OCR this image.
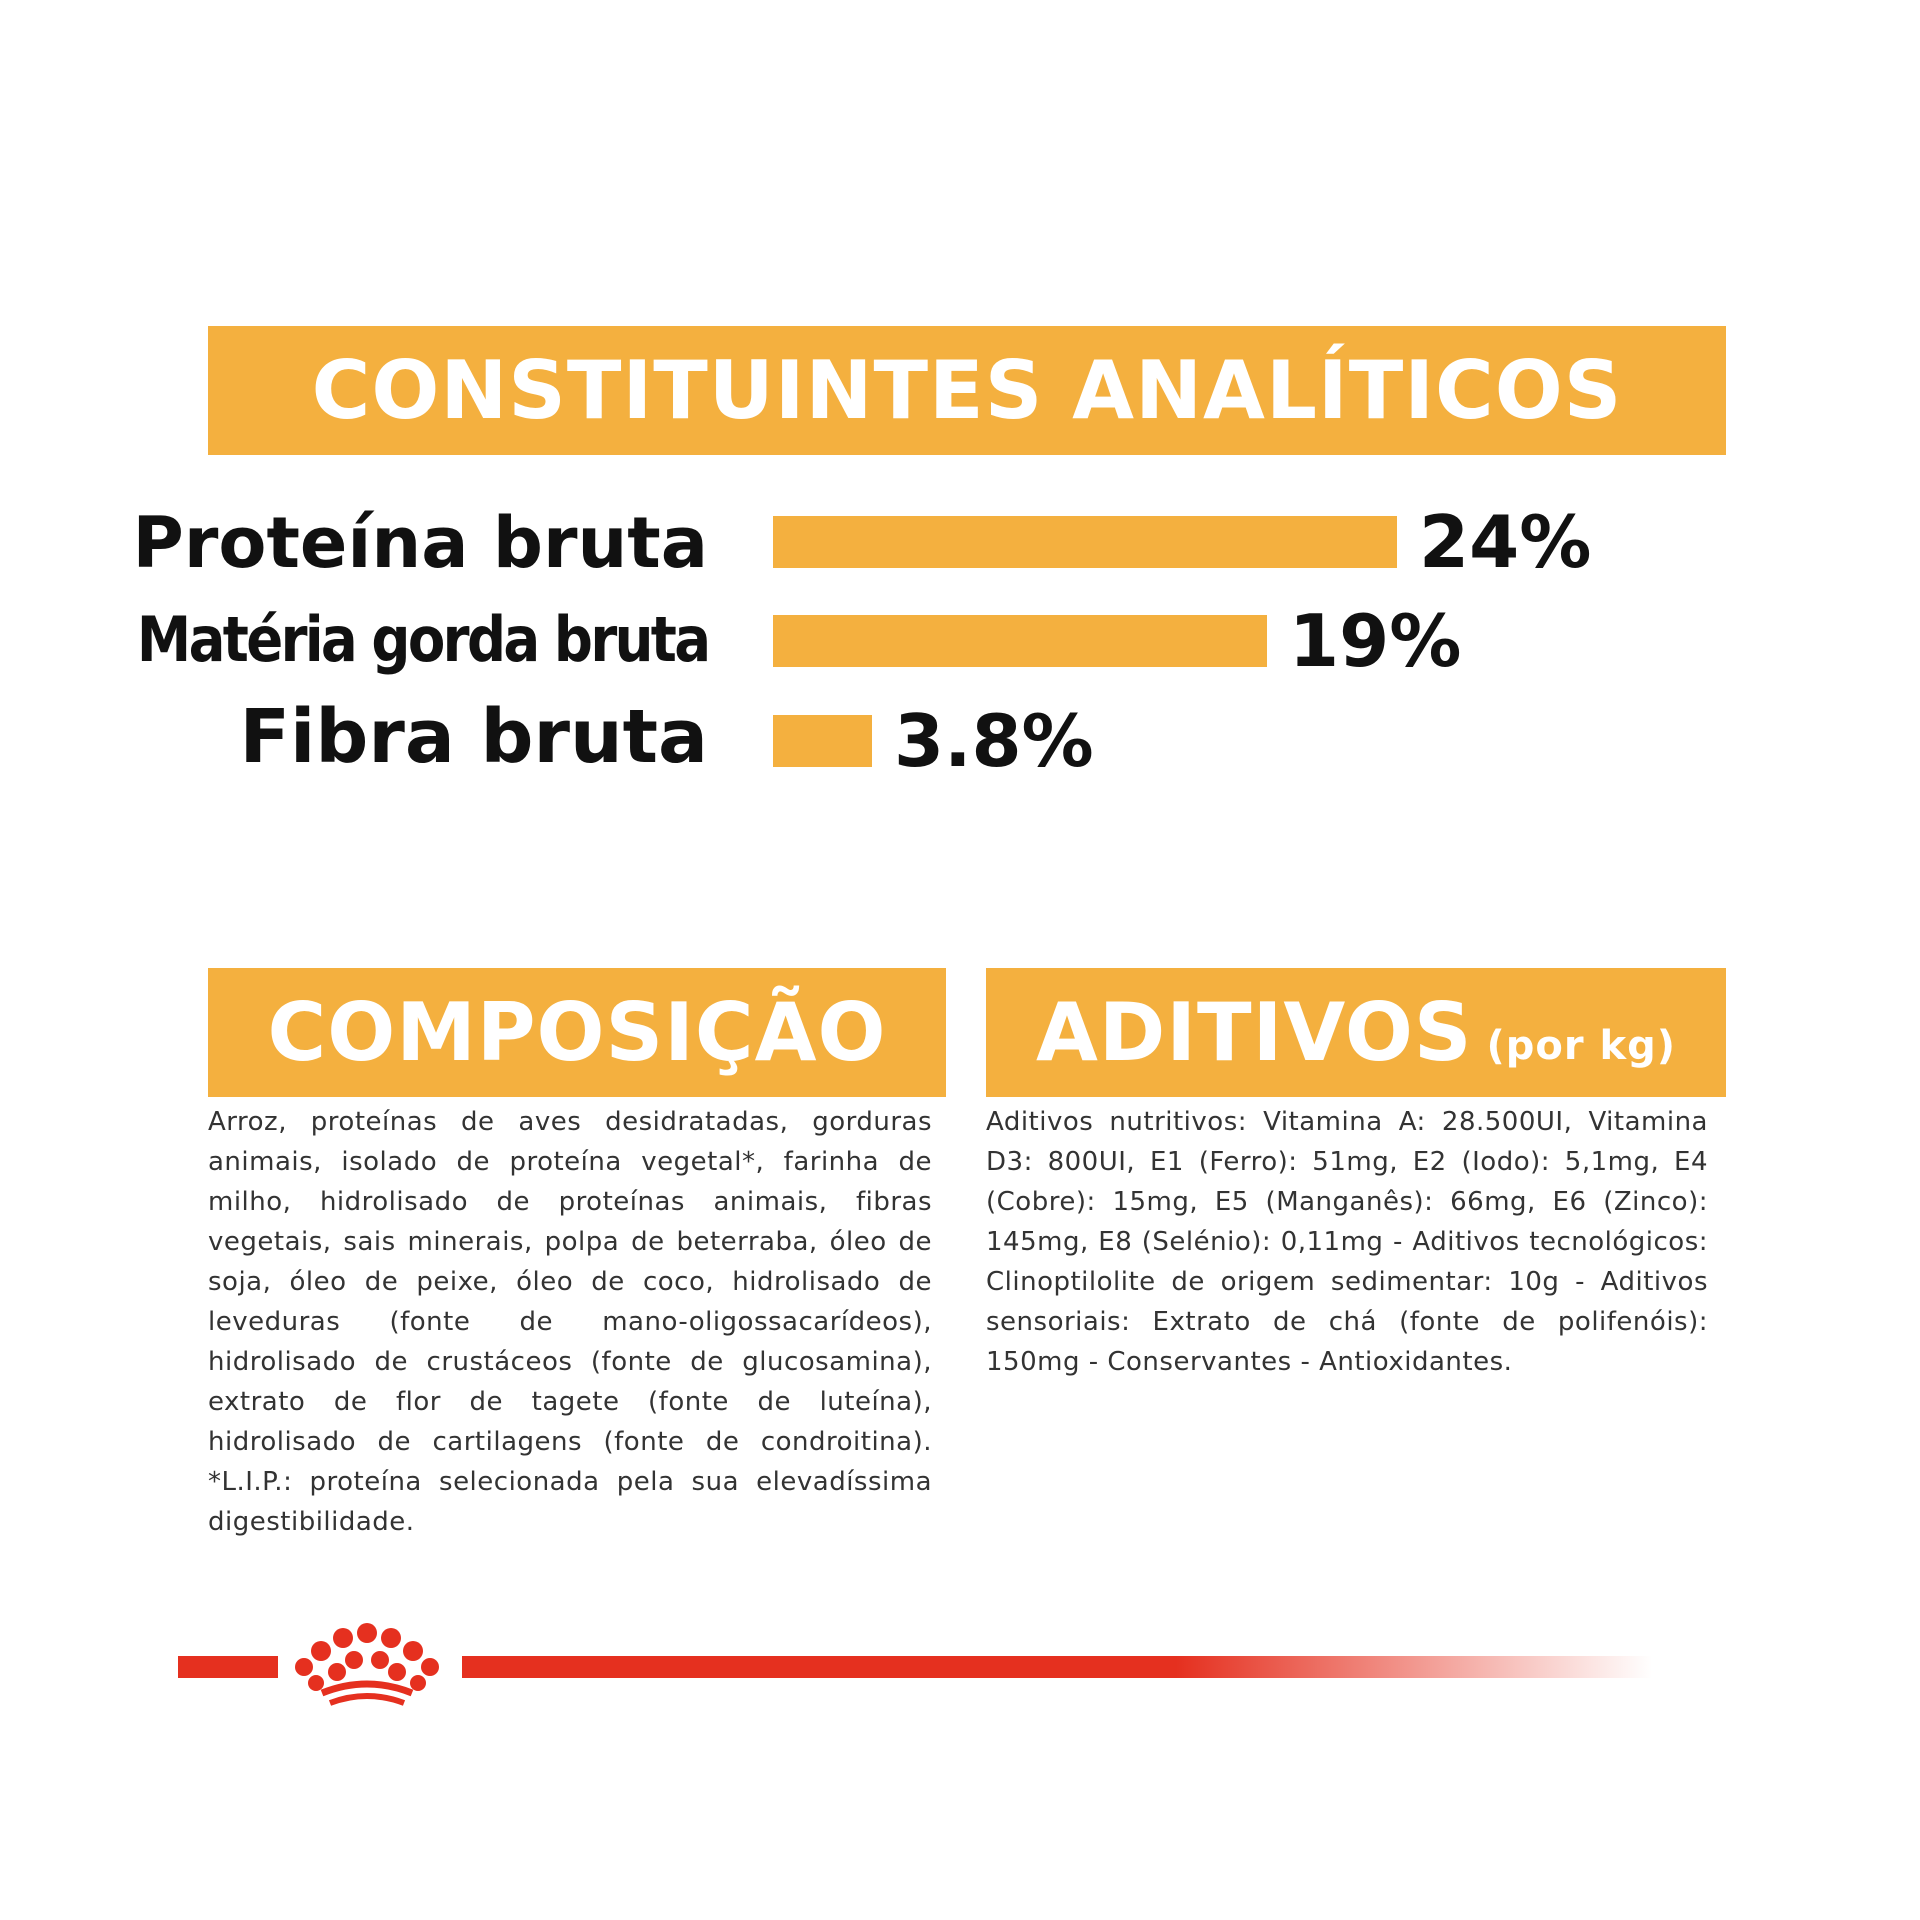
CONSTITUINTES ANALÍTICOS
Proteína bruta	24%
Matéria gorda bruta	19%
Fibra bruta	3.8%
COMPOSIÇÃO
Arroz, proteínas de aves desidratadas, gorduras animais, isolado de proteína vegetal*, farinha de milho, hidrolisado de proteínas animais, fibras vegetais, sais minerais, polpa de beterraba, óleo de soja, óleo de peixe, óleo de coco, hidrolisado de leveduras (fonte de mano-oligossacarídeos), hidrolisado de crustáceos (fonte de glucosamina), extrato de flor de tagete (fonte de luteína), hidrolisado de cartilagens (fonte de condroitina). *L.I.P.: proteína selecionada pela sua elevadíssima digestibilidade.
ADITIVOS (por kg)
Aditivos nutritivos: Vitamina A: 28.500UI, Vitamina D3: 800UI, E1 (Ferro): 51mg, E2 (Iodo): 5,1mg, E4 (Cobre): 15mg, E5 (Manganês): 66mg, E6 (Zinco): 145mg, E8 (Selénio): 0,11mg - Aditivos tecnológicos: Clinoptilolite de origem sedimentar: 10g - Aditivos sensoriais: Extrato de chá (fonte de polifenóis): 150mg - Conservantes - Antioxidantes.
